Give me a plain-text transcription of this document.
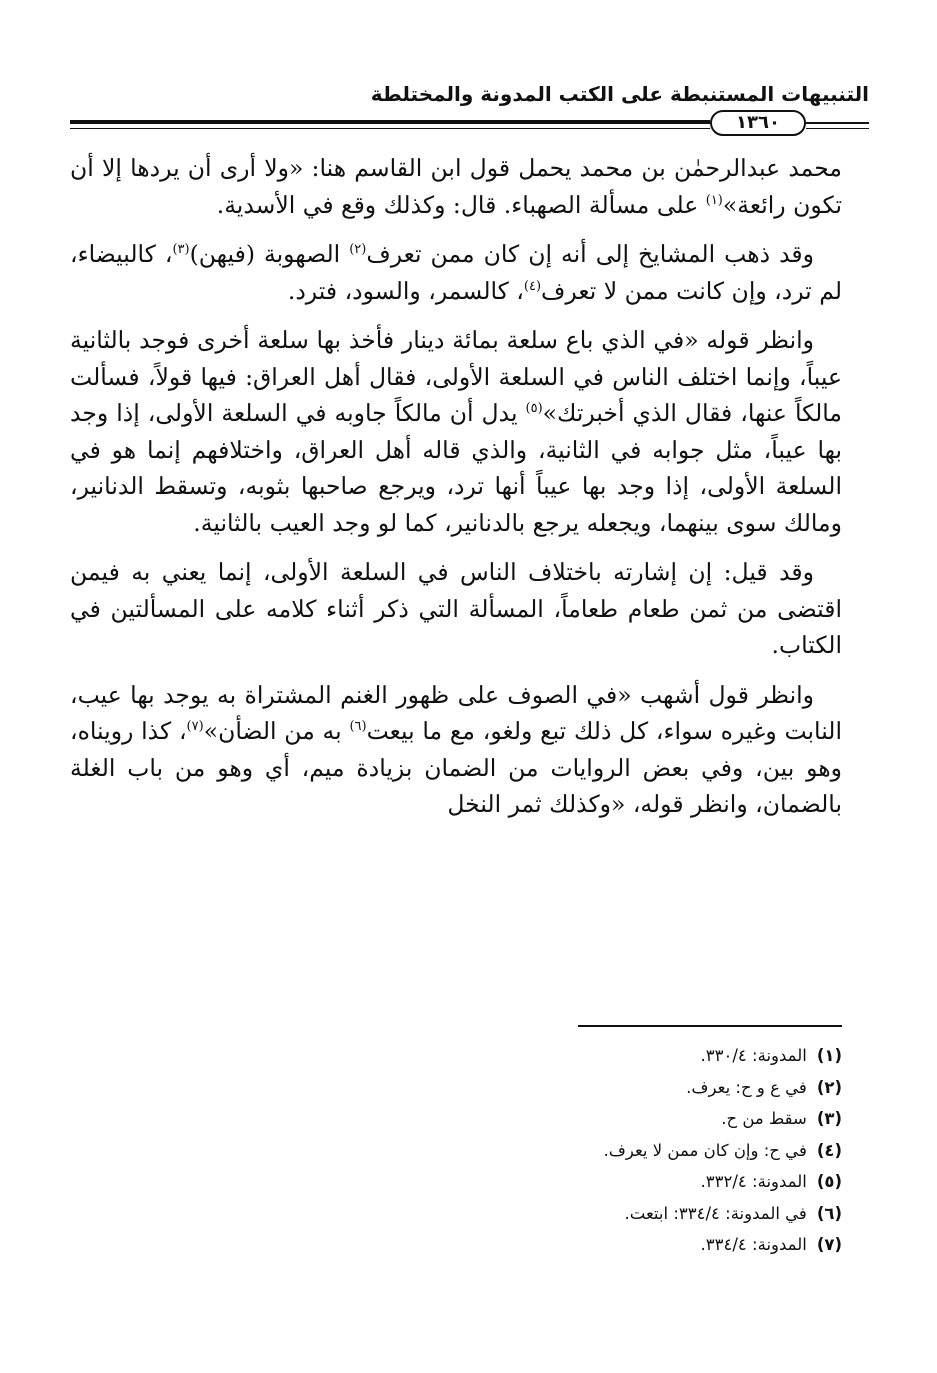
التنبيهات المستنبطة على الكتب المدونة والمختلطة
١٣٦٠

محمد عبدالرحمٰن بن محمد يحمل قول ابن القاسم هنا: «ولا أرى أن يردها إلا أن تكون رائعة»$^{(١)}$ على مسألة الصهباء. قال: وكذلك وقع في الأسدية.

وقد ذهب المشايخ إلى أنه إن كان ممن تعرف$^{(٢)}$ الصهوبة (فيهن)$^{(٣)}$، كالبيضاء، لم ترد، وإن كانت ممن لا تعرف$^{(٤)}$، كالسمر، والسود، فترد.

وانظر قوله «في الذي باع سلعة بمائة دينار فأخذ بها سلعة أخرى فوجد بالثانية عيباً، وإنما اختلف الناس في السلعة الأولى، فقال أهل العراق: فيها قولاً، فسألت مالكاً عنها، فقال الذي أخبرتك»$^{(٥)}$ يدل أن مالكاً جاوبه في السلعة الأولى، إذا وجد بها عيباً، مثل جوابه في الثانية، والذي قاله أهل العراق، واختلافهم إنما هو في السلعة الأولى، إذا وجد بها عيباً أنها ترد، ويرجع صاحبها بثوبه، وتسقط الدنانير، ومالك سوى بينهما، ويجعله يرجع بالدنانير، كما لو وجد العيب بالثانية.

وقد قيل: إن إشارته باختلاف الناس في السلعة الأولى، إنما يعني به فيمن اقتضى من ثمن طعام طعاماً، المسألة التي ذكر أثناء كلامه على المسألتين في الكتاب.

وانظر قول أشهب «في الصوف على ظهور الغنم المشتراة به يوجد بها عيب، النابت وغيره سواء، كل ذلك تبع ولغو، مع ما بيعت$^{(٦)}$ به من الضأن»$^{(٧)}$، كذا رويناه، وهو بين، وفي بعض الروايات من الضمان بزيادة ميم، أي وهو من باب الغلة بالضمان، وانظر قوله، «وكذلك ثمر النخل

(١)المدونة: ٣٣٠/٤.
(٢)في ع و ح: يعرف.
(٣)سقط من ح.
(٤)في ح: وإن كان ممن لا يعرف.
(٥)المدونة: ٣٣٢/٤.
(٦)في المدونة: ٣٣٤/٤: ابتعت.
(٧)المدونة: ٣٣٤/٤.
